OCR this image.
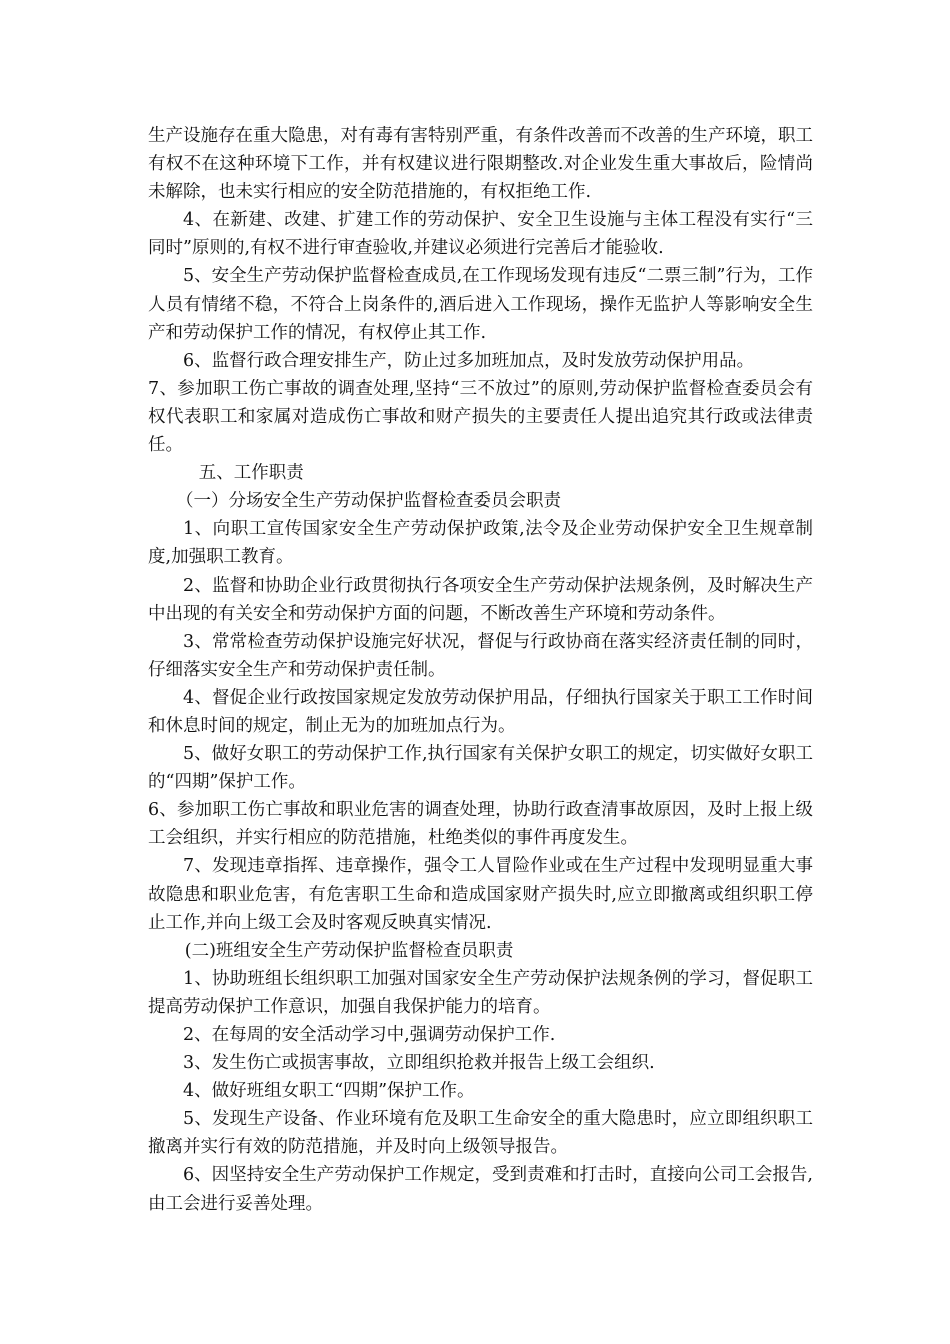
生产设施存在重大隐患，对有毒有害特别严重，有条件改善而不改善的生产环境，职工有权不在这种环境下工作，并有权建议进行限期整改.对企业发生重大事故后，险情尚未解除，也未实行相应的安全防范措施的，有权拒绝工作.

4、在新建、改建、扩建工作的劳动保护、安全卫生设施与主体工程没有实行“三同时”原则的,有权不进行审查验收,并建议必须进行完善后才能验收.

5、安全生产劳动保护监督检查成员,在工作现场发现有违反“二票三制”行为，工作人员有情绪不稳，不符合上岗条件的,酒后进入工作现场，操作无监护人等影响安全生产和劳动保护工作的情况，有权停止其工作.

6、监督行政合理安排生产，防止过多加班加点，及时发放劳动保护用品。

7、参加职工伤亡事故的调查处理,坚持“三不放过”的原则,劳动保护监督检查委员会有权代表职工和家属对造成伤亡事故和财产损失的主要责任人提出追究其行政或法律责任。

五、工作职责

（一）分场安全生产劳动保护监督检查委员会职责

1、向职工宣传国家安全生产劳动保护政策,法令及企业劳动保护安全卫生规章制度,加强职工教育。

2、监督和协助企业行政贯彻执行各项安全生产劳动保护法规条例，及时解决生产中出现的有关安全和劳动保护方面的问题，不断改善生产环境和劳动条件。

3、常常检查劳动保护设施完好状况，督促与行政协商在落实经济责任制的同时，仔细落实安全生产和劳动保护责任制。

4、督促企业行政按国家规定发放劳动保护用品，仔细执行国家关于职工工作时间和休息时间的规定，制止无为的加班加点行为。

5、做好女职工的劳动保护工作,执行国家有关保护女职工的规定，切实做好女职工的“四期”保护工作。

6、参加职工伤亡事故和职业危害的调查处理，协助行政查清事故原因，及时上报上级工会组织，并实行相应的防范措施，杜绝类似的事件再度发生。

7、发现违章指挥、违章操作，强令工人冒险作业或在生产过程中发现明显重大事故隐患和职业危害，有危害职工生命和造成国家财产损失时,应立即撤离或组织职工停止工作,并向上级工会及时客观反映真实情况.

(二)班组安全生产劳动保护监督检查员职责

1、协助班组长组织职工加强对国家安全生产劳动保护法规条例的学习，督促职工提高劳动保护工作意识，加强自我保护能力的培育。

2、在每周的安全活动学习中,强调劳动保护工作.

3、发生伤亡或损害事故，立即组织抢救并报告上级工会组织.

4、做好班组女职工“四期”保护工作。

5、发现生产设备、作业环境有危及职工生命安全的重大隐患时，应立即组织职工撤离并实行有效的防范措施，并及时向上级领导报告。

6、因坚持安全生产劳动保护工作规定，受到责难和打击时，直接向公司工会报告,由工会进行妥善处理。
